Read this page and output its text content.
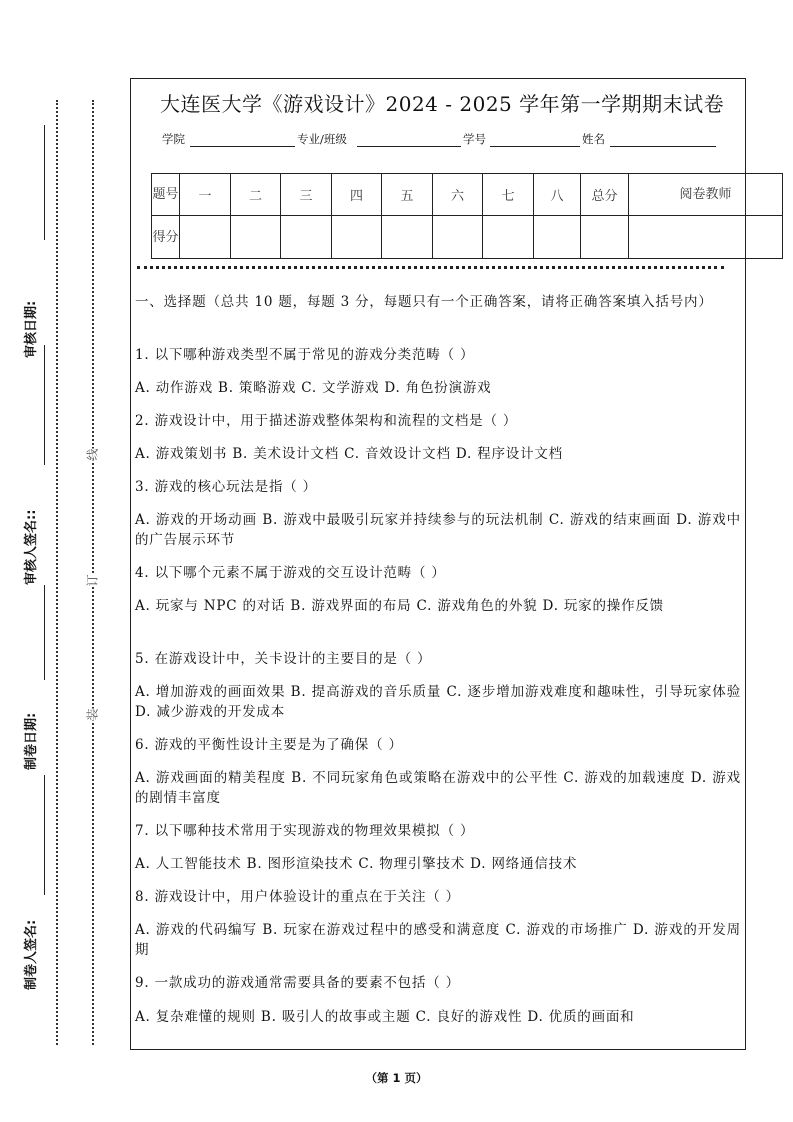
审核日期:
审核人签名::
制卷日期:
制卷人签名:
线
订
装
大连医大学《游戏设计》2024 - 2025 学年第一学期期末试卷
学院	专业/班级	学号	姓名
题号	一	二	三	四	五	六	七	八	总分	阅卷教师
得分										
一、选择题（总共 10 题，每题 3 分，每题只有一个正确答案，请将正确答案填入括号内）
1. 以下哪种游戏类型不属于常见的游戏分类范畴（ ）
A. 动作游戏 B. 策略游戏 C. 文学游戏 D. 角色扮演游戏
2. 游戏设计中，用于描述游戏整体架构和流程的文档是（ ）
A. 游戏策划书 B. 美术设计文档 C. 音效设计文档 D. 程序设计文档
3. 游戏的核心玩法是指（ ）
A. 游戏的开场动画 B. 游戏中最吸引玩家并持续参与的玩法机制 C. 游戏的结束画面 D. 游戏中的广告展示环节
4. 以下哪个元素不属于游戏的交互设计范畴（ ）
A. 玩家与 NPC 的对话 B. 游戏界面的布局 C. 游戏角色的外貌 D. 玩家的操作反馈
5. 在游戏设计中，关卡设计的主要目的是（ ）
A. 增加游戏的画面效果 B. 提高游戏的音乐质量 C. 逐步增加游戏难度和趣味性，引导玩家体验 D. 减少游戏的开发成本
6. 游戏的平衡性设计主要是为了确保（ ）
A. 游戏画面的精美程度 B. 不同玩家角色或策略在游戏中的公平性 C. 游戏的加载速度 D. 游戏的剧情丰富度
7. 以下哪种技术常用于实现游戏的物理效果模拟（ ）
A. 人工智能技术 B. 图形渲染技术 C. 物理引擎技术 D. 网络通信技术
8. 游戏设计中，用户体验设计的重点在于关注（ ）
A. 游戏的代码编写 B. 玩家在游戏过程中的感受和满意度 C. 游戏的市场推广 D. 游戏的开发周期
9. 一款成功的游戏通常需要具备的要素不包括（ ）
A. 复杂难懂的规则 B. 吸引人的故事或主题 C. 良好的游戏性 D. 优质的画面和
（第 1 页）
